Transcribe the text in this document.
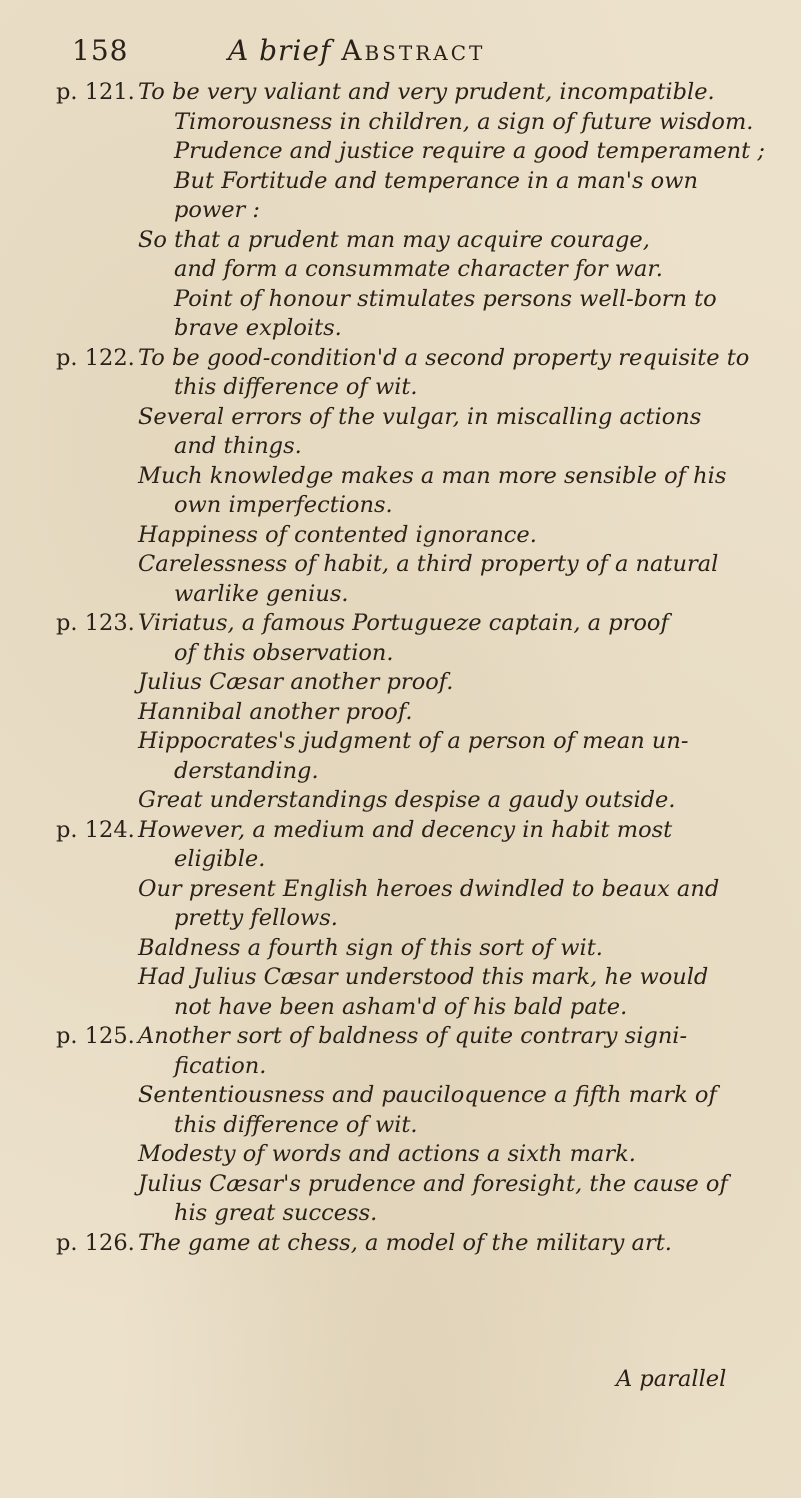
158	A brief Abstract

p. 121. To be very valiant and very prudent, incompatible.

Timorousness in children, a sign of future wisdom.

Prudence and justice require a good temperament ;

But Fortitude and temperance in a man's own

power :

So that a prudent man may acquire courage,

and form a consummate character for war.

Point of honour stimulates persons well-born to

brave exploits.

p. 122. To be good-condition'd a second property requisite to

this difference of wit.

Several errors of the vulgar, in miscalling actions

and things.

Much knowledge makes a man more sensible of his

own imperfections.

Happiness of contented ignorance.

Carelessness of habit, a third property of a natural

warlike genius.

p. 123. Viriatus, a famous Portugueze captain, a proof

of this observation.

Julius Cæsar another proof.

Hannibal another proof.

Hippocrates's judgment of a person of mean un-

derstanding.

Great understandings despise a gaudy outside.

p. 124. However, a medium and decency in habit most

eligible.

Our present English heroes dwindled to beaux and

pretty fellows.

Baldness a fourth sign of this sort of wit.

Had Julius Cæsar understood this mark, he would

not have been asham'd of his bald pate.

p. 125. Another sort of baldness of quite contrary signi-

fication.

Sententiousness and pauciloquence a fifth mark of

this difference of wit.

Modesty of words and actions a sixth mark.

Julius Cæsar's prudence and foresight, the cause of

his great success.

p. 126. The game at chess, a model of the military art.

A parallel
